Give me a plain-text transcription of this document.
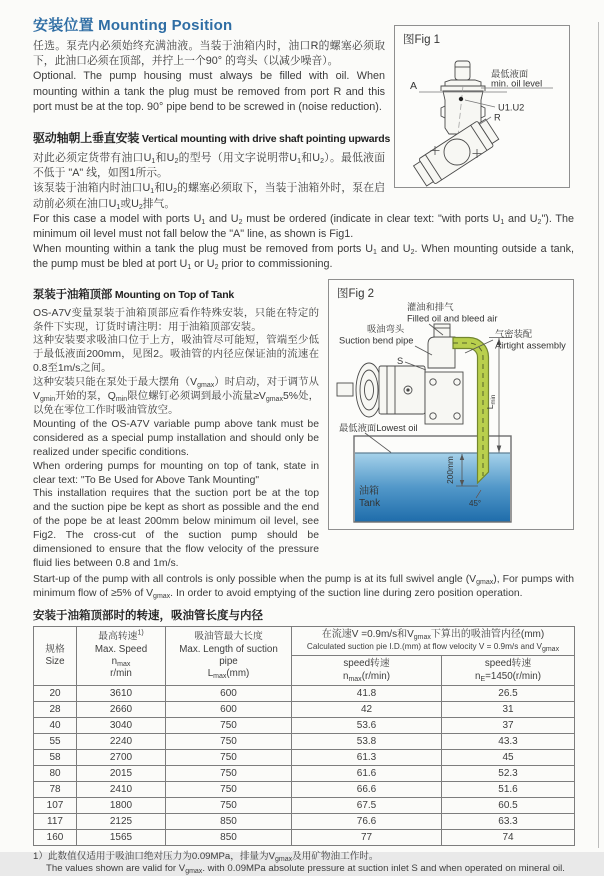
安装位置 Mounting Position

任选。泵壳内必须始终充满油液。当装于油箱内时，油口R的螺塞必须取下，此油口必须在顶部，并拧上一个90° 的弯头（以减少噪音）。

Optional. The pump housing must always be filled with oil. When mounting within a tank the plug must be removed from port R and this port must be at the top. 90° pipe bend to be screwed in (noise reduction).

驱动轴朝上垂直安装 Vertical mounting with drive shaft pointing upwards

对此必须定货带有油口$U_1$和$U_2$的型号（用文字说明带$U_1$和$U_2$）。最低液面不低于 "A" 线，如图1所示。

该泵装于油箱内时油口$U_1$和$U_2$的螺塞必须取下，当装于油箱外时，泵在启动前必须在油口$U_1$或$U_2$排气。

图Fig 1
最低液面
min. oil level
A
U1.U2
R

For this case a model with ports $U_1$ and $U_2$ must be ordered (indicate in clear text: "with ports $U_1$ and $U_2$"). The minimum oil level must not fall below the "A" line, as shown is Fig1.

When mounting within a tank the plug must be removed from ports $U_1$ and $U_2$. When mounting outside a tank, the pump must be bled at port $U_1$ or $U_2$ prior to commissioning.

泵装于油箱顶部 Mounting on Top of Tank

OS-A7V变量泵装于油箱顶部应看作特殊安装，只能在特定的条件下实现，订货时请注明：用于油箱顶部安装。

这种安装要求吸油口位于上方，吸油管尽可能短，管端至少低于最低液面200mm，见图2。吸油管的内径应保证油的流速在0.8至1m/s之间。

这种安装只能在泵处于最大摆角$(V_{gmax})$时启动，对于调节从$V_{gmin}$开始的泵，$Q_{min}$限位螺钉必须调到最小流量$\ge V_{gmax}5\%$处，以免在零位工作时吸油管放空。

Mounting of the OS-A7V variable pump above tank must be considered as a special pump installation and should only be realized under specific conditions.

When ordering pumps for mounting on top of tank, state in clear text: "To Be Used for Above Tank Mounting"

This installation requires that the suction port be at the top and the suction pipe be kept as short as possible and the end of the pope be at least 200mm below minimum oil level, see Fig2. The cross-cut of the suction pump should be dimensioned to ensure that the flow velocity of the pressure fluid lies between 0.8 and 1m/s.

图Fig 2
$L_{min}$
200mm
45°
灌油和排气
Filled oil and bleed air
吸油弯头
Suction bend pipe
气密装配
Airtight assembly
S
最低液面Lowest oil
油箱
Tank

Start-up of the pump with all controls is only possible when the pump is at its full swivel angle $(V_{gmax})$, For pumps with minimum flow of ≥5% of $V_{gmax}$. In order to avoid emptying of the suction line during zero position operation.

安装于油箱顶部时的转速，吸油管长度与内径
规格
Size	最高转速$^{1)}$
Max. Speed
$n_{max}$
r/min	吸油管最大长度
Max. Length of suction
pipe
$L_{max}(mm)$	在流速V =0.9m/s和$V_{gmax}$下算出的吸油管内径(mm)
Calculated suction pie I.D.(mm) at flow velocity V = 0.9m/s and $V_{gmax}$
			speed转速
$n_{max}(r/\min)$	speed转速
$n_E=1450(r/\min)$
20	3610	600	41.8	26.5
28	2660	600	42	31
40	3040	750	53.6	37
55	2240	750	53.8	43.3
58	2700	750	61.3	45
80	2015	750	61.6	52.3
78	2410	750	66.6	51.6
107	1800	750	67.5	60.5
117	2125	850	76.6	63.3
160	1565	850	77	74
1）此数值仅适用于吸油口绝对压力为0.09MPa，排量为$V_{gmax}$及用矿物油工作时。
The values shown are valid for $V_{gmax}$. with 0.09MPa absolute pressure at suction inlet S and when operated on mineral oil.
